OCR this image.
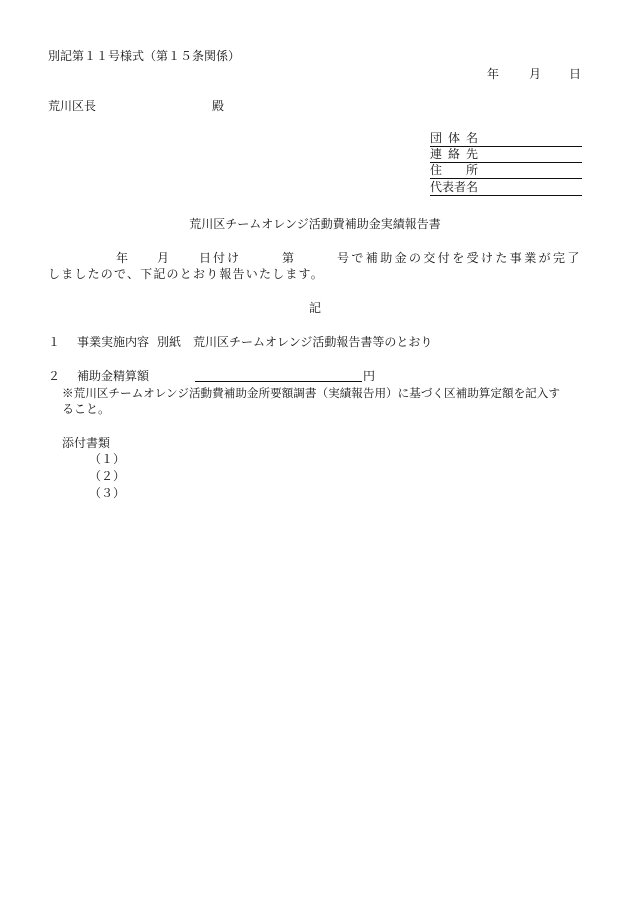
別記第１１号様式（第１５条関係）
年 月 日
荒川区長	殿
団体名
連絡先
住　所
代表者名
荒川区チームオレンジ活動費補助金実績報告書
年 月 日付け	第	号で補助金の交付を受けた事業が完了
しましたので、下記のとおり報告いたします。
記
１ 事業実施内容 別紙　荒川区チームオレンジ活動報告書等のとおり
２ 補助金精算額	円
※荒川区チームオレンジ活動費補助金所要額調書（実績報告用）に基づく区補助算定額を記入す
ること。
添付書類
（１）
（２）
（３）
